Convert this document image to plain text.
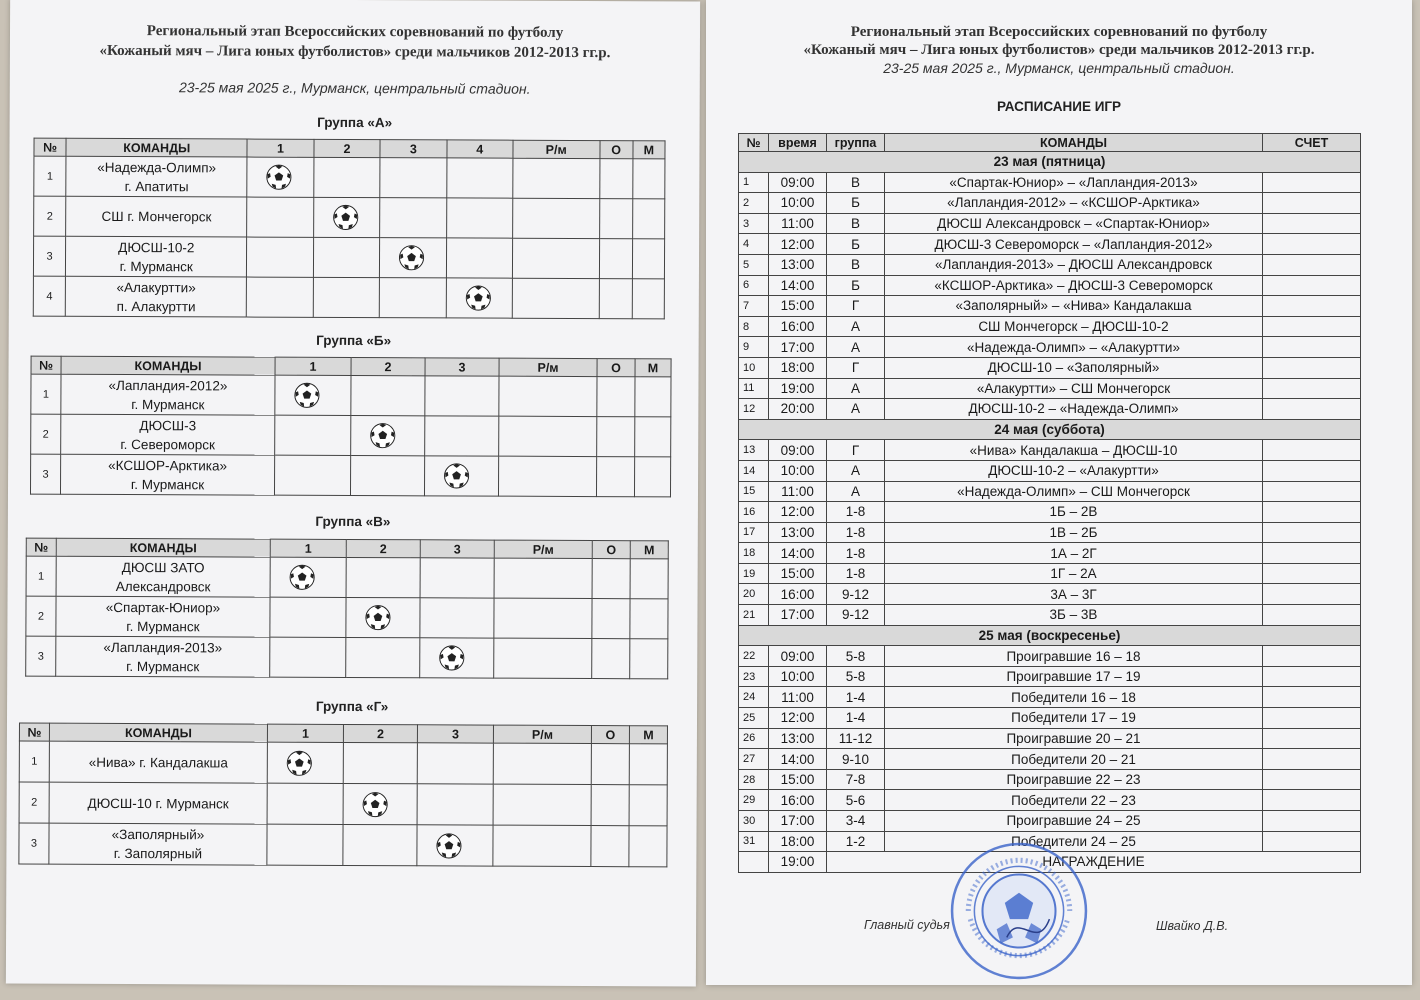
Региональный этап Всероссийских соревнований по футболу
«Кожаный мяч – Лига юных футболистов» среди мальчиков 2012-2013 гг.р.
23-25 мая 2025 г., Мурманск, центральный стадион.
Группа «А»
№	КОМАНДЫ	1	2	3	4	Р/м	О	М
1	«Надежда-Олимп»
г. Апатиты

2	СШ г. Мончегорск

3	ДЮСШ-10-2
г. Мурманск

4	«Алакуртти»
п. Алакуртти

Группа «Б»
№	КОМАНДЫ	1	2	3	Р/м	О	М
1	«Лапландия-2012»
г. Мурманск

2	ДЮСШ-3
г. Североморск

3	«КСШОР-Арктика»
г. Мурманск

Группа «В»
№	КОМАНДЫ	1	2	3	Р/м	О	М
1	ДЮСШ ЗАТО
Александровск

2	«Спартак-Юниор»
г. Мурманск

3	«Лапландия-2013»
г. Мурманск

Группа «Г»
№	КОМАНДЫ	1	2	3	Р/м	О	М
1	«Нива» г. Кандалакша

2	ДЮСШ-10 г. Мурманск

3	«Заполярный»
г. Заполярный

Региональный этап Всероссийских соревнований по футболу
«Кожаный мяч – Лига юных футболистов» среди мальчиков 2012-2013 гг.р.
23-25 мая 2025 г., Мурманск, центральный стадион.
РАСПИСАНИЕ ИГР
№	время	группа	КОМАНДЫ	СЧЕТ
23 мая (пятница)				
1	09:00	В	«Спартак-Юниор» – «Лапландия-2013»	
2	10:00	Б	«Лапландия-2012» – «КСШОР-Арктика»	
3	11:00	В	ДЮСШ Александровск – «Спартак-Юниор»	
4	12:00	Б	ДЮСШ-3 Североморск – «Лапландия-2012»	
5	13:00	В	«Лапландия-2013» – ДЮСШ Александровск	
6	14:00	Б	«КСШОР-Арктика» – ДЮСШ-3 Североморск	
7	15:00	Г	«Заполярный» – «Нива» Кандалакша	
8	16:00	А	СШ Мончегорск – ДЮСШ-10-2	
9	17:00	А	«Надежда-Олимп» – «Алакуртти»	
10	18:00	Г	ДЮСШ-10 – «Заполярный»	
11	19:00	А	«Алакуртти» – СШ Мончегорск	
12	20:00	А	ДЮСШ-10-2 – «Надежда-Олимп»	
24 мая (суббота)				
13	09:00	Г	«Нива» Кандалакша – ДЮСШ-10	
14	10:00	А	ДЮСШ-10-2 – «Алакуртти»	
15	11:00	А	«Надежда-Олимп» – СШ Мончегорск	
16	12:00	1-8	1Б – 2В	
17	13:00	1-8	1В – 2Б	
18	14:00	1-8	1А – 2Г	
19	15:00	1-8	1Г – 2А	
20	16:00	9-12	3А – 3Г	
21	17:00	9-12	3Б – 3В	
25 мая (воскресенье)				
22	09:00	5-8	Проигравшие 16 – 18	
23	10:00	5-8	Проигравшие 17 – 19	
24	11:00	1-4	Победители 16 – 18	
25	12:00	1-4	Победители 17 – 19	
26	13:00	11-12	Проигравшие 20 – 21	
27	14:00	9-10	Победители 20 – 21	
28	15:00	7-8	Проигравшие 22 – 23	
29	16:00	5-6	Победители 22 – 23	
30	17:00	3-4	Проигравшие 24 – 25	
31	18:00	1-2	Победители 24 – 25	
	19:00	НАГРАЖДЕНИЕ		
Главный судья	Швайко Д.В.
